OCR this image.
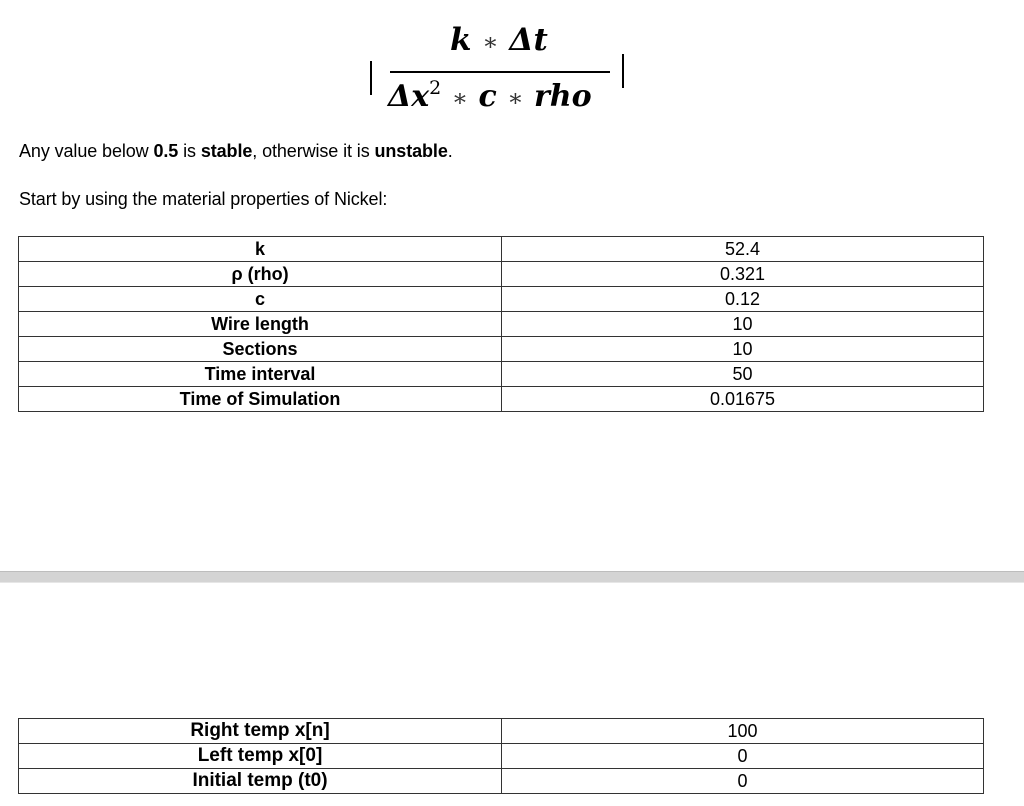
k ∗ Δt
$\Delta x^2$ ∗ c ∗ rho
Any value below 0.5 is stable, otherwise it is unstable.
Start by using the material properties of Nickel:
k	52.4
ρ (rho)	0.321
c	0.12
Wire length	10
Sections	10
Time interval	50
Time of Simulation	0.01675
Right temp x[n]	100
Left temp x[0]	0
Initial temp (t0)	0
